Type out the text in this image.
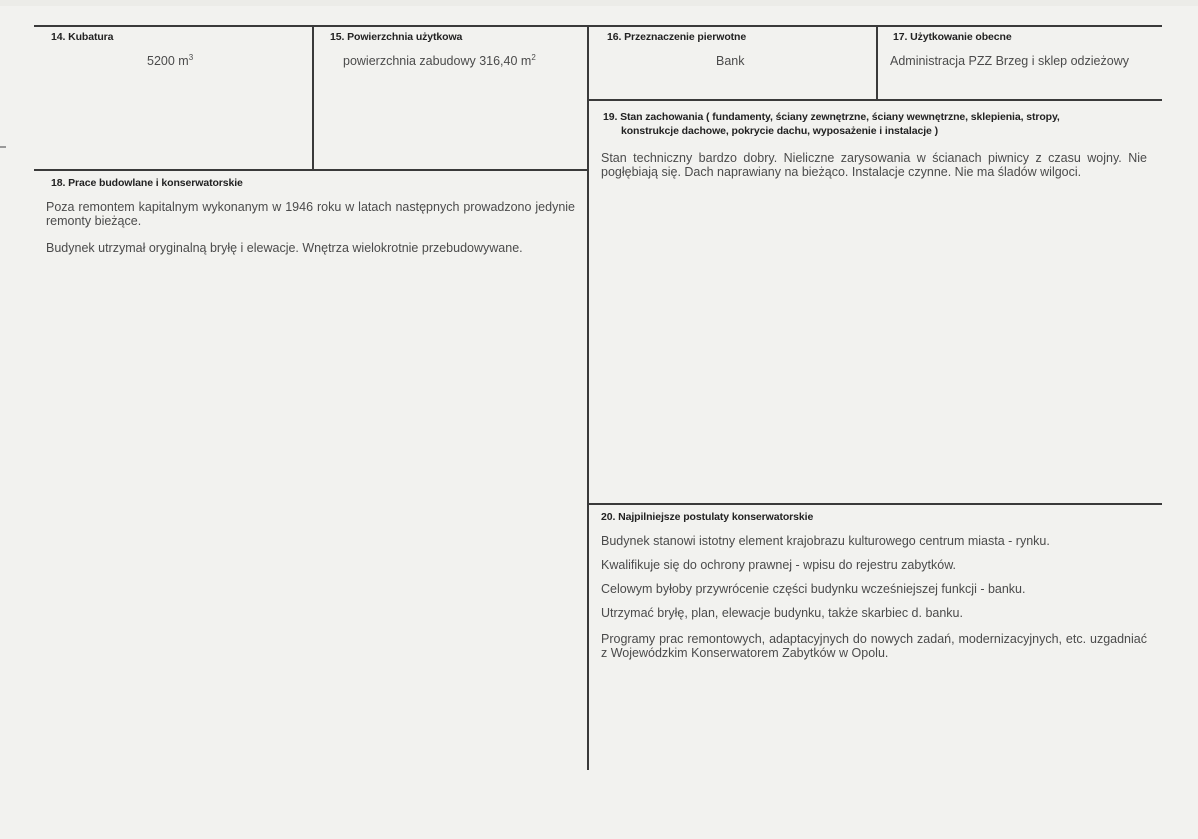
14. Kubatura
5200 $m^3$
15. Powierzchnia użytkowa
powierzchnia zabudowy 316,40 $m^2$
16. Przeznaczenie pierwotne
Bank
17. Użytkowanie obecne
Administracja PZZ Brzeg i sklep odzieżowy
19. Stan zachowania ( fundamenty, ściany zewnętrzne, ściany wewnętrzne, sklepienia, stropy,
konstrukcje dachowe, pokrycie dachu, wyposażenie i instalacje )
Stan techniczny bardzo dobry. Nieliczne zarysowania w ścianach piwnicy z czasu wojny. Nie pogłębiają się. Dach naprawiany na bieżąco. Instalacje czynne. Nie ma śladów wilgoci.
18. Prace budowlane i konserwatorskie
Poza remontem kapitalnym wykonanym w 1946 roku w latach następnych prowadzono jedynie remonty bieżące.
Budynek utrzymał oryginalną bryłę i elewacje. Wnętrza wielokrotnie przebudowywane.
20. Najpilniejsze postulaty konserwatorskie
Budynek stanowi istotny element krajobrazu kulturowego centrum miasta - rynku.
Kwalifikuje się do ochrony prawnej - wpisu do rejestru zabytków.
Celowym byłoby przywrócenie części budynku wcześniejszej funkcji - banku.
Utrzymać bryłę, plan, elewacje budynku, także skarbiec d. banku.
Programy prac remontowych, adaptacyjnych do nowych zadań, modernizacyjnych, etc. uzgadniać z Wojewódzkim Konserwatorem Zabytków w Opolu.
